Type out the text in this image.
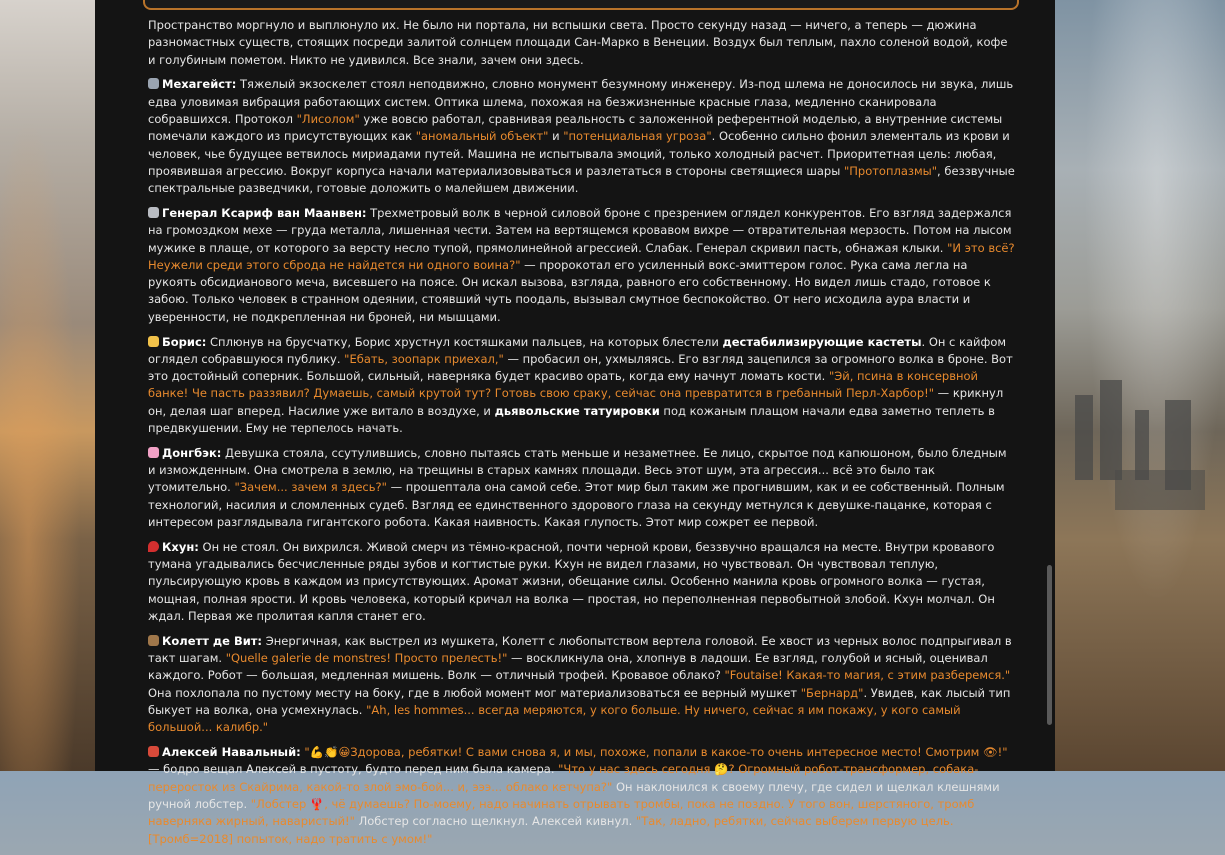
Пространство моргнуло и выплюнуло их. Не было ни портала, ни вспышки света. Просто секунду назад — ничего, а теперь — дюжина разномастных существ, стоящих посреди залитой солнцем площади Сан-Марко в Венеции. Воздух был теплым, пахло соленой водой, кофе и голубиным пометом. Никто не удивился. Все знали, зачем они здесь.

Мехагейст: Тяжелый экзоскелет стоял неподвижно, словно монумент безумному инженеру. Из-под шлема не доносилось ни звука, лишь едва уловимая вибрация работающих систем. Оптика шлема, похожая на безжизненные красные глаза, медленно сканировала собравшихся. Протокол "Лисолом" уже вовсю работал, сравнивая реальность с заложенной референтной моделью, а внутренние системы помечали каждого из присутствующих как "аномальный объект" и "потенциальная угроза". Особенно сильно фонил элементаль из крови и человек, чье будущее ветвилось мириадами путей. Машина не испытывала эмоций, только холодный расчет. Приоритетная цель: любая, проявившая агрессию. Вокруг корпуса начали материализовываться и разлетаться в стороны светящиеся шары "Протоплазмы", беззвучные спектральные разведчики, готовые доложить о малейшем движении.

Генерал Ксариф ван Маанвен: Трехметровый волк в черной силовой броне с презрением оглядел конкурентов. Его взгляд задержался на громоздком мехе — груда металла, лишенная чести. Затем на вертящемся кровавом вихре — отвратительная мерзость. Потом на лысом мужике в плаще, от которого за версту несло тупой, прямолинейной агрессией. Слабак. Генерал скривил пасть, обнажая клыки. "И это всё? Неужели среди этого сброда не найдется ни одного воина?" — пророкотал его усиленный вокс-эмиттером голос. Рука сама легла на рукоять обсидианового меча, висевшего на поясе. Он искал вызова, взгляда, равного его собственному. Но видел лишь стадо, готовое к забою. Только человек в странном одеянии, стоявший чуть поодаль, вызывал смутное беспокойство. От него исходила аура власти и уверенности, не подкрепленная ни броней, ни мышцами.

Борис: Сплюнув на брусчатку, Борис хрустнул костяшками пальцев, на которых блестели дестабилизирующие кастеты. Он с кайфом оглядел собравшуюся публику. "Ебать, зоопарк приехал," — пробасил он, ухмыляясь. Его взгляд зацепился за огромного волка в броне. Вот это достойный соперник. Большой, сильный, наверняка будет красиво орать, когда ему начнут ломать кости. "Эй, псина в консервной банке! Че пасть раззявил? Думаешь, самый крутой тут? Готовь свою сраку, сейчас она превратится в гребанный Перл-Харбор!" — крикнул он, делая шаг вперед. Насилие уже витало в воздухе, и дьявольские татуировки под кожаным плащом начали едва заметно теплеть в предвкушении. Ему не терпелось начать.

Донгбэк: Девушка стояла, ссутулившись, словно пытаясь стать меньше и незаметнее. Ее лицо, скрытое под капюшоном, было бледным и изможденным. Она смотрела в землю, на трещины в старых камнях площади. Весь этот шум, эта агрессия... всё это было так утомительно. "Зачем... зачем я здесь?" — прошептала она самой себе. Этот мир был таким же прогнившим, как и ее собственный. Полным технологий, насилия и сломленных судеб. Взгляд ее единственного здорового глаза на секунду метнулся к девушке-пацанке, которая с интересом разглядывала гигантского робота. Какая наивность. Какая глупость. Этот мир сожрет ее первой.

Кхун: Он не стоял. Он вихрился. Живой смерч из тёмно-красной, почти черной крови, беззвучно вращался на месте. Внутри кровавого тумана угадывались бесчисленные ряды зубов и когтистые руки. Кхун не видел глазами, но чувствовал. Он чувствовал теплую, пульсирующую кровь в каждом из присутствующих. Аромат жизни, обещание силы. Особенно манила кровь огромного волка — густая, мощная, полная ярости. И кровь человека, который кричал на волка — простая, но переполненная первобытной злобой. Кхун молчал. Он ждал. Первая же пролитая капля станет его.

Колетт де Вит: Энергичная, как выстрел из мушкета, Колетт с любопытством вертела головой. Ее хвост из черных волос подпрыгивал в такт шагам. "Quelle galerie de monstres! Просто прелесть!" — воскликнула она, хлопнув в ладоши. Ее взгляд, голубой и ясный, оценивал каждого. Робот — большая, медленная мишень. Волк — отличный трофей. Кровавое облако? "Foutaise! Какая-то магия, с этим разберемся." Она похлопала по пустому месту на боку, где в любой момент мог материализоваться ее верный мушкет "Бернард". Увидев, как лысый тип быкует на волка, она усмехнулась. "Ah, les hommes... всегда меряются, у кого больше. Ну ничего, сейчас я им покажу, у кого самый большой... калибр."

Алексей Навальный: "💪👏😀Здорова, ребятки! С вами снова я, и мы, похоже, попали в какое-то очень интересное место! Смотрим 👁!" — бодро вещал Алексей в пустоту, будто перед ним была камера. "Что у нас здесь сегодня 🤔? Огромный робот-трансформер, собака-переросток из Скайрима, какой-то злой эмо-бой... и, эээ... облако кетчупа?" Он наклонился к своему плечу, где сидел и щелкал клешнями ручной лобстер. "Лобстер 🦞, чё думаешь? По-моему, надо начинать отрывать тромбы, пока не поздно. У того вон, шерстяного, тромб наверняка жирный, наваристый!" Лобстер согласно щелкнул. Алексей кивнул. "Так, ладно, ребятки, сейчас выберем первую цель. [Тромб=2018] попыток, надо тратить с умом!"
